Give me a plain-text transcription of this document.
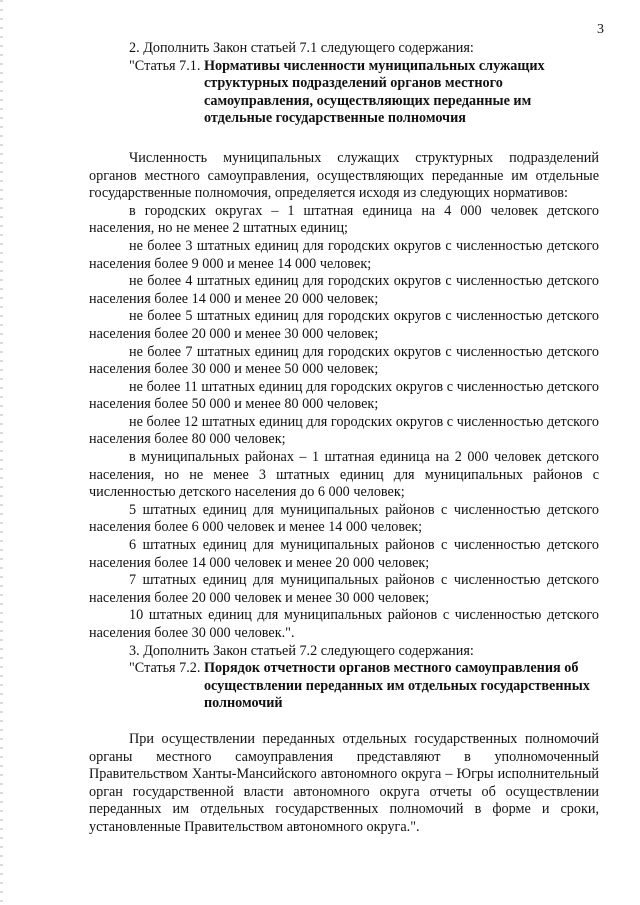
3

2. Дополнить Закон статьей 7.1 следующего содержания:

"Статья 7.1. Нормативы численности муниципальных служащих структурных подразделений органов местного самоуправления, осуществляющих переданные им отдельные государственные полномочия

Численность муниципальных служащих структурных подразделений органов местного самоуправления, осуществляющих переданные им отдельные государственные полномочия, определяется исходя из следующих нормативов:

в городских округах – 1 штатная единица на 4 000 человек детского населения, но не менее 2 штатных единиц;

не более 3 штатных единиц для городских округов с численностью детского населения более 9 000 и менее 14 000 человек;

не более 4 штатных единиц для городских округов с численностью детского населения более 14 000 и менее 20 000 человек;

не более 5 штатных единиц для городских округов с численностью детского населения более 20 000 и менее 30 000 человек;

не более 7 штатных единиц для городских округов с численностью детского населения более 30 000 и менее 50 000 человек;

не более 11 штатных единиц для городских округов с численностью детского населения более 50 000 и менее 80 000 человек;

не более 12 штатных единиц для городских округов с численностью детского населения более 80 000 человек;

в муниципальных районах – 1 штатная единица на 2 000 человек детского населения, но не менее 3 штатных единиц для муниципальных районов с численностью детского населения до 6 000 человек;

5 штатных единиц для муниципальных районов с численностью детского населения более 6 000 человек и менее 14 000 человек;

6 штатных единиц для муниципальных районов с численностью детского населения более 14 000 человек и менее 20 000 человек;

7 штатных единиц для муниципальных районов с численностью детского населения более 20 000 человек и менее 30 000 человек;

10 штатных единиц для муниципальных районов с численностью детского населения более 30 000 человек.".

3. Дополнить Закон статьей 7.2 следующего содержания:

"Статья 7.2. Порядок отчетности органов местного самоуправления об осуществлении переданных им отдельных государственных полномочий

При осуществлении переданных отдельных государственных полномочий органы местного самоуправления представляют в уполномоченный Правительством Ханты-Мансийского автономного округа – Югры исполнительный орган государственной власти автономного округа отчеты об осуществлении переданных им отдельных государственных полномочий в форме и сроки, установленные Правительством автономного округа.".
